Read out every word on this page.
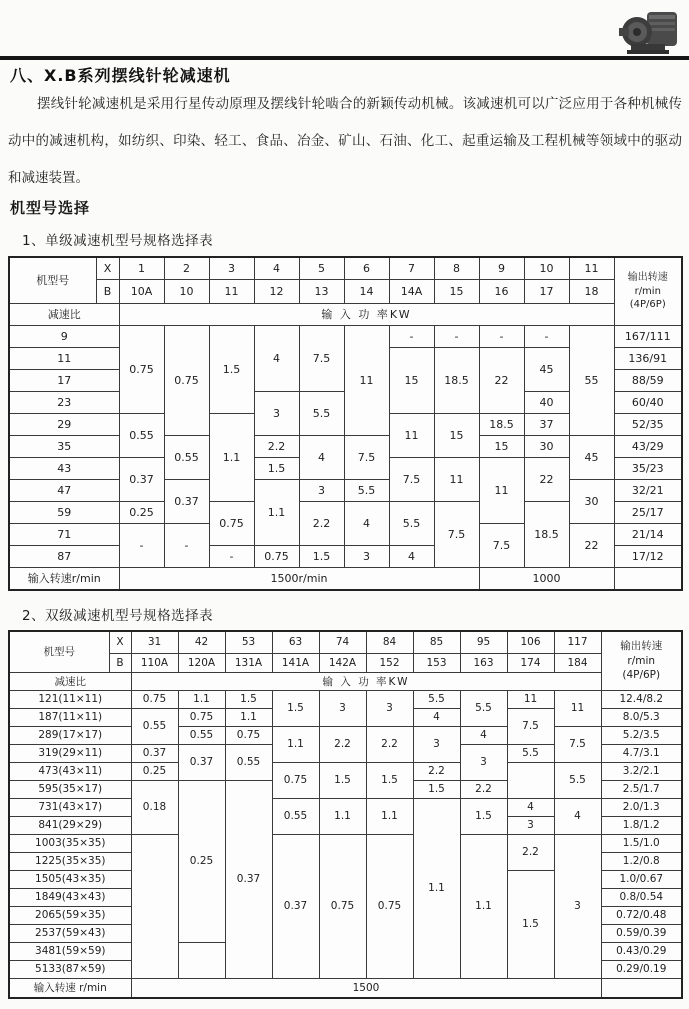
八、X.B系列摆线针轮减速机

摆线针轮减速机是采用行星传动原理及摆线针轮啮合的新颖传动机械。该减速机可以广泛应用于各种机械传动中的减速机构，如纺织、印染、轻工、食品、冶金、矿山、石油、化工、起重运输及工程机械等领域中的驱动和减速装置。

机型号选择

1、单级减速机型号规格选择表

机型号	X	1	2	3	4	5	6	7	8	9	10	11	输出转速
r/min
(4P/6P)
	B	10A	10	11	12	13	14	14A	15	16	17	18	
减速比		输 入 功 率KW											
9		0.75	0.75	1.5	4	7.5	11	-	-	-	-	55	167/111
11								15	18.5	22	45		136/91
17													88/59
23					3	5.5					40		60/40
29		0.55		1.1				11	15	18.5	37		52/35
35			0.55		2.2	4	7.5			15	30	45	43/29
43		0.37			1.5			7.5	11	11	22		35/23
47			0.37		1.1	3	5.5					30	32/21
59		0.25		0.75		2.2	4	5.5	7.5		18.5		25/17
71		-	-							7.5		22	21/14
87				-	0.75	1.5	3	4					17/12
输入转速r/min		1500r/min								1000			

2、双级减速机型号规格选择表

机型号	X	31	42	53	63	74	84	85	95	106	117	输出转速
r/min
(4P/6P)
	B	110A	120A	131A	141A	142A	152	153	163	174	184	
减速比		输 入 功 率KW										
121(11×11)		0.75	1.1	1.5	1.5	3	3	5.5	5.5	11	11	12.4/8.2
187(11×11)		0.55	0.75	1.1				4		7.5		8.0/5.3
289(17×17)			0.55	0.75	1.1	2.2	2.2	3	4		7.5	5.2/3.5
319(29×11)		0.37	0.37	0.55					3	5.5		4.7/3.1
473(43×11)		0.25			0.75	1.5	1.5	2.2			5.5	3.2/2.1
595(35×17)		0.18	0.25	0.37				1.5	2.2			2.5/1.7
731(43×17)					0.55	1.1	1.1	1.1	1.5	4	4	2.0/1.3
841(29×29)										3		1.8/1.2
1003(35×35)					0.37	0.75	0.75		1.1	2.2	3	1.5/1.0
1225(35×35)												1.2/0.8
1505(43×35)										1.5		1.0/0.67
1849(43×43)												0.8/0.54
2065(59×35)												0.72/0.48
2537(59×43)												0.59/0.39
3481(59×59)												0.43/0.29
5133(87×59)												0.29/0.19
输入转速 r/min		1500										
